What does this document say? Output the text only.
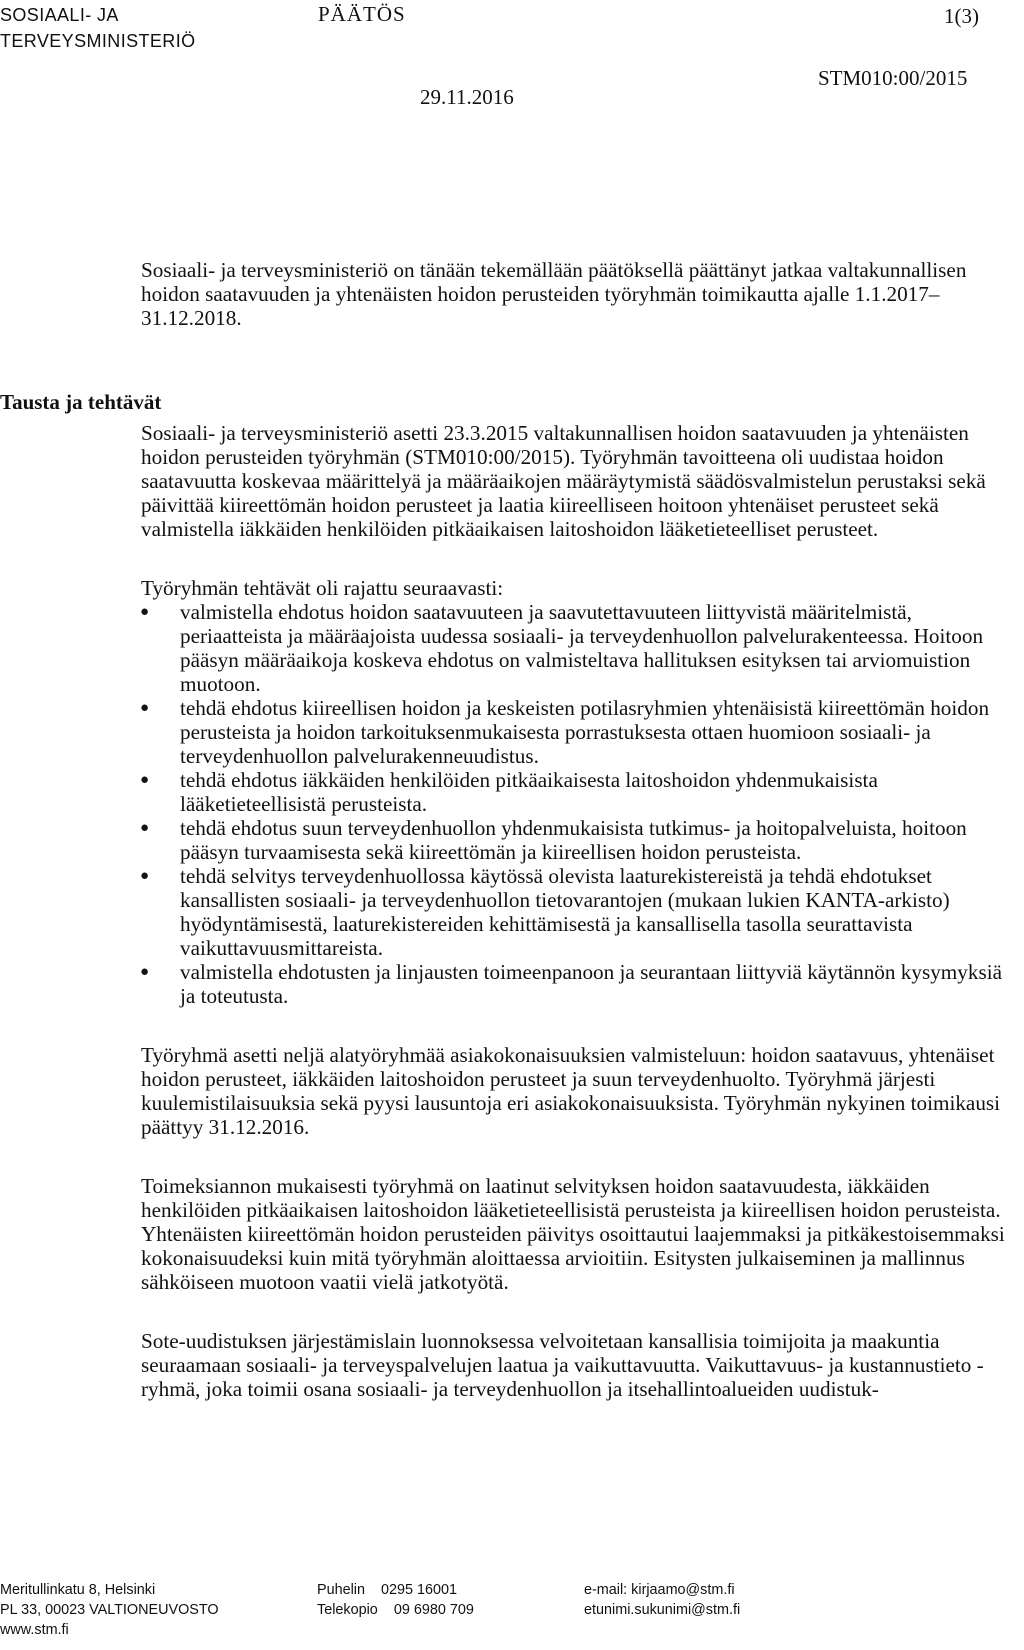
SOSIAALI- JA
TERVEYSMINISTERIÖ
PÄÄTÖS	1(3)
29.11.2016
STM010:00/2015
Tausta ja tehtävät

Sosiaali- ja terveysministeriö on tänään tekemällään päätöksellä päättänyt jatkaa valtakunnallisen hoidon saatavuuden ja yhtenäisten hoidon perusteiden työryhmän toimikautta ajalle 1.1.2017–31.12.2018.

Sosiaali- ja terveysministeriö asetti 23.3.2015 valtakunnallisen hoidon saatavuuden ja yhtenäisten hoidon perusteiden työryhmän (STM010:00/2015). Työryhmän tavoitteena oli uudistaa hoidon saatavuutta koskevaa määrittelyä ja määräaikojen määräytymistä säädösvalmistelun perustaksi sekä päivittää kiireettömän hoidon perusteet ja laatia kiireelliseen hoitoon yhtenäiset perusteet sekä valmistella iäkkäiden henkilöiden pitkäaikaisen laitoshoidon lääketieteelliset perusteet.

Työryhmän tehtävät oli rajattu seuraavasti:

● valmistella ehdotus hoidon saatavuuteen ja saavutettavuuteen liittyvistä määritelmistä, periaatteista ja määräajoista uudessa sosiaali- ja terveydenhuollon palvelurakenteessa. Hoitoon pääsyn määräaikoja koskeva ehdotus on valmisteltava hallituksen esityksen tai arviomuistion muotoon.
● tehdä ehdotus kiireellisen hoidon ja keskeisten potilasryhmien yhtenäisistä kiireettömän hoidon perusteista ja hoidon tarkoituksenmukaisesta porrastuksesta ottaen huomioon sosiaali- ja terveydenhuollon palvelurakenneuudistus.
● tehdä ehdotus iäkkäiden henkilöiden pitkäaikaisesta laitoshoidon yhdenmukaisista lääketieteellisistä perusteista.
● tehdä ehdotus suun terveydenhuollon yhdenmukaisista tutkimus- ja hoitopalveluista, hoitoon pääsyn turvaamisesta sekä kiireettömän ja kiireellisen hoidon perusteista.
● tehdä selvitys terveydenhuollossa käytössä olevista laaturekistereistä ja tehdä ehdotukset kansallisten sosiaali- ja terveydenhuollon tietovarantojen (mukaan lukien KANTA-arkisto) hyödyntämisestä, laaturekistereiden kehittämisestä ja kansallisella tasolla seurattavista vaikuttavuusmittareista.
● valmistella ehdotusten ja linjausten toimeenpanoon ja seurantaan liittyviä käytännön kysymyksiä ja toteutusta.

Työryhmä asetti neljä alatyöryhmää asiakokonaisuuksien valmisteluun: hoidon saatavuus, yhtenäiset hoidon perusteet, iäkkäiden laitoshoidon perusteet ja suun terveydenhuolto. Työryhmä järjesti kuulemistilaisuuksia sekä pyysi lausuntoja eri asiakokonaisuuksista. Työryhmän nykyinen toimikausi päättyy 31.12.2016.

Toimeksiannon mukaisesti työryhmä on laatinut selvityksen hoidon saatavuudesta, iäkkäiden henkilöiden pitkäaikaisen laitoshoidon lääketieteellisistä perusteista ja kiireellisen hoidon perusteista. Yhtenäisten kiireettömän hoidon perusteiden päivitys osoittautui laajemmaksi ja pitkäkestoisemmaksi kokonaisuudeksi kuin mitä työryhmän aloittaessa arvioitiin. Esitysten julkaiseminen ja mallinnus sähköiseen muotoon vaatii vielä jatkotyötä.

Sote-uudistuksen järjestämislain luonnoksessa velvoitetaan kansallisia toimijoita ja maakuntia seuraamaan sosiaali- ja terveyspalvelujen laatua ja vaikuttavuutta. Vaikuttavuus- ja kustannustieto -ryhmä, joka toimii osana sosiaali- ja terveydenhuollon ja itsehallintoalueiden uudistuk-

Meritullinkatu 8, Helsinki
PL 33, 00023 VALTIONEUVOSTO
www.stm.fi
Puhelin 0295 16001
Telekopio 09 6980 709
e-mail: kirjaamo@stm.fi
etunimi.sukunimi@stm.fi
